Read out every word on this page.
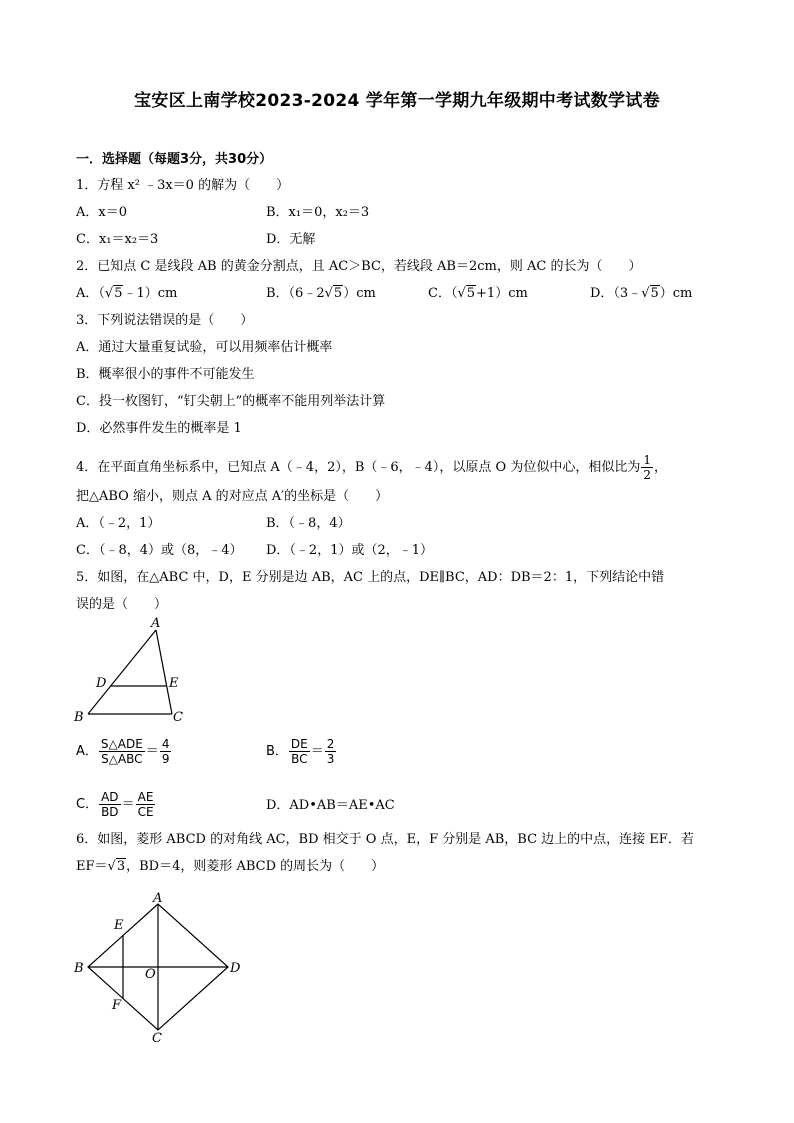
宝安区上南学校2023-2024 学年第一学期九年级期中考试数学试卷
一．选择题（每题3分，共30分）
1．方程 x² ﹣3x＝0 的解为（　　）
A．x＝0	B．x₁＝0，x₂＝3
C．x₁＝x₂＝3	D．无解
2．已知点 C 是线段 AB 的黄金分割点，且 AC＞BC，若线段 AB＝2cm，则 AC 的长为（　　）
A．（√5﹣1）cm	B．（6﹣2√5）cm	C．（√5+1）cm	D．（3﹣√5）cm
3．下列说法错误的是（　　）
A．通过大量重复试验，可以用频率估计概率
B．概率很小的事件不可能发生
C．投一枚图钉，“钉尖朝上”的概率不能用列举法计算
D．必然事件发生的概率是 1
4．在平面直角坐标系中，已知点 A（﹣4，2），B（﹣6，﹣4），以原点 O 为位似中心，相似比为 $\frac{1}{2}$ ，
把△ABO 缩小，则点 A 的对应点 A′的坐标是（　　）
A．（﹣2，1）	B．（﹣8，4）
C．（﹣8，4）或（8，﹣4） D．（﹣2，1）或（2，﹣1）
5．如图，在△ABC 中，D，E 分别是边 AB，AC 上的点，DE∥BC，AD：DB＝2：1，下列结论中错
误的是（　　）
A
D	E
B	C
A． $\frac{\text{S△ADE}}{\text{S△ABC}} = \frac{4}{9}$	B． $\frac{DE}{BC} = \frac{2}{3}$
C． $\frac{AD}{BD} = \frac{AE}{CE}$	D．AD•AB＝AE•AC
6．如图，菱形 ABCD 的对角线 AC，BD 相交于 O 点，E，F 分别是 AB，BC 边上的中点，连接 EF．若
EF＝√3，BD＝4，则菱形 ABCD 的周长为（　　）
A
B	D
C
E
F
O
